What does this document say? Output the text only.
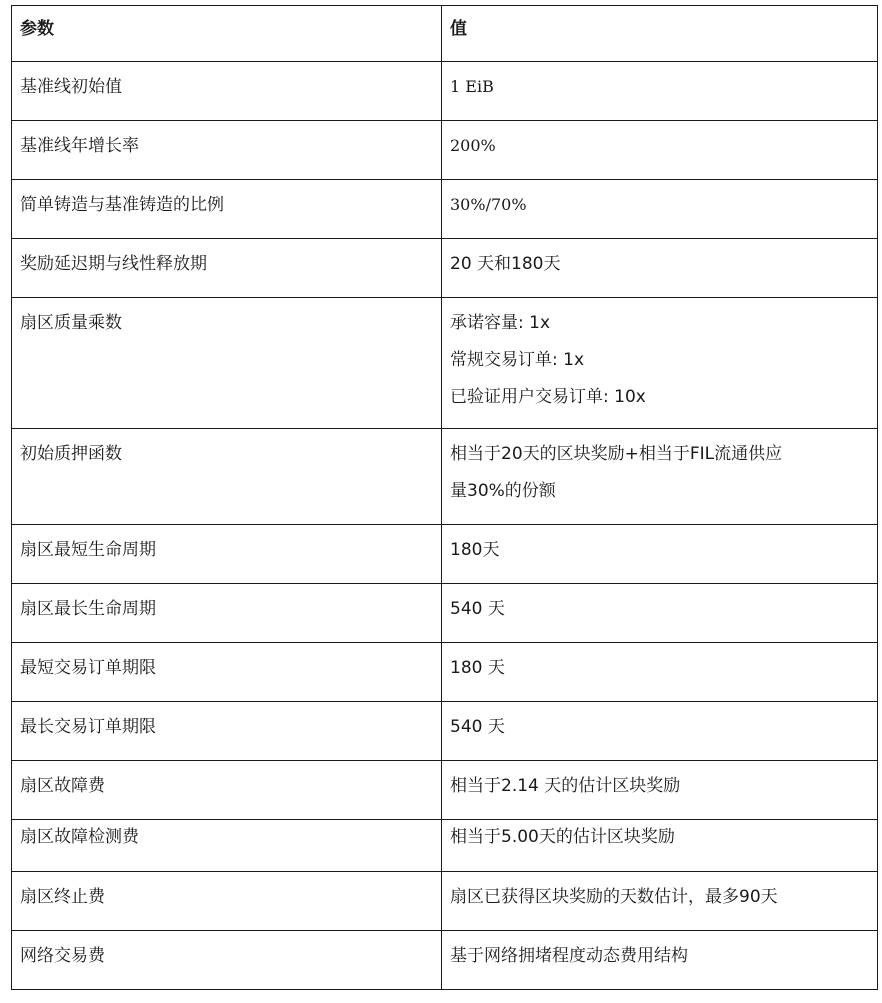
参数	值
基准线初始值	1 EiB

基准线年增长率	200%

简单铸造与基准铸造的比例	30%/70%

奖励延迟期与线性释放期	20 天和180天

扇区质量乘数	承诺容量: 1x
常规交易订单: 1x
已验证用户交易订单: 10x

初始质押函数	相当于20天的区块奖励+相当于FIL流通供应
量30%的份额

扇区最短生命周期	180天

扇区最长生命周期	540 天

最短交易订单期限	180 天

最长交易订单期限	540 天

扇区故障费	相当于2.14 天的估计区块奖励

扇区故障检测费	相当于5.00天的估计区块奖励

扇区终止费	扇区已获得区块奖励的天数估计，最多90天

网络交易费	基于网络拥堵程度动态费用结构
